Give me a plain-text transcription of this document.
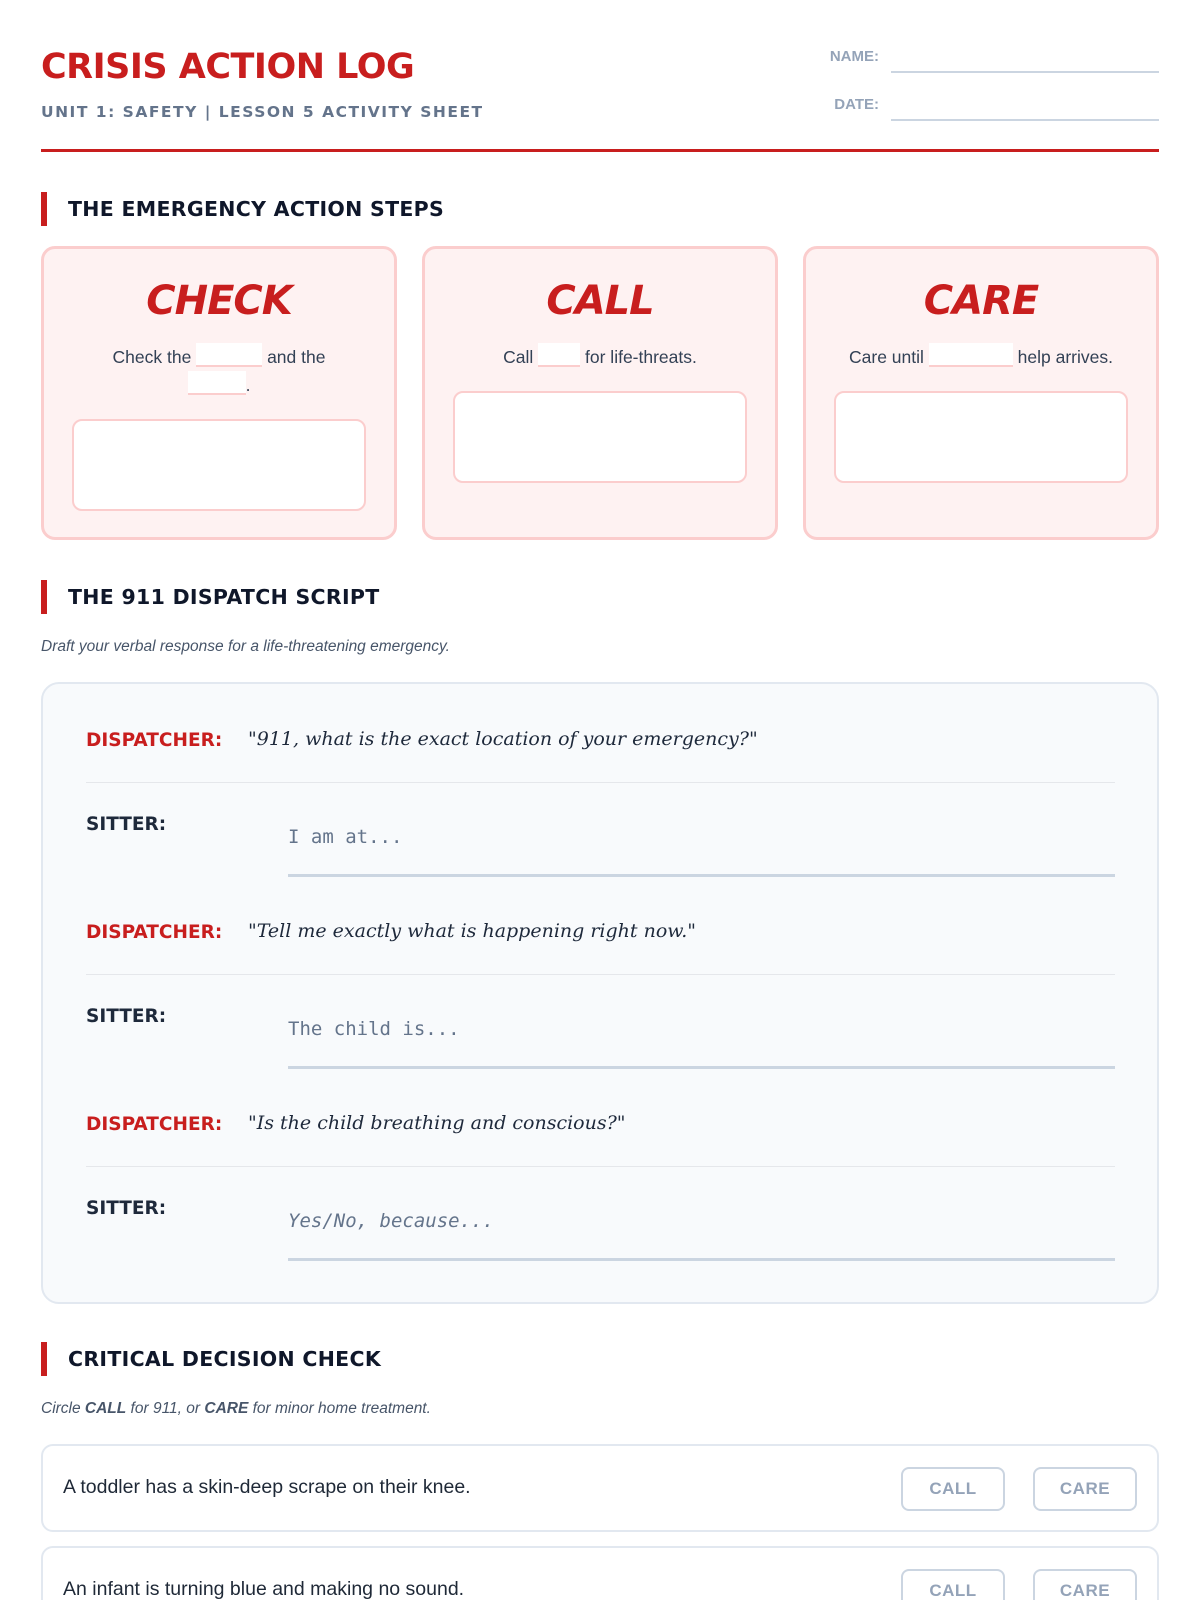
CRISIS ACTION LOG
UNIT 1: SAFETY | LESSON 5 ACTIVITY SHEET
NAME:
DATE:
THE EMERGENCY ACTION STEPS
CHECK
Check the	and the
.
CALL
Call	for life-threats.
CARE
Care until	help arrives.
THE 911 DISPATCH SCRIPT
Draft your verbal response for a life-threatening emergency.
DISPATCHER: "911, what is the exact location of your emergency?"
SITTER:
I am at...
DISPATCHER: "Tell me exactly what is happening right now."
SITTER:
The child is...
DISPATCHER: "Is the child breathing and conscious?"
SITTER:
Yes/No, because...
CRITICAL DECISION CHECK
Circle CALL for 911, or CARE for minor home treatment.
A toddler has a skin-deep scrape on their knee.	CALL	CARE
An infant is turning blue and making no sound.	CALL	CARE
